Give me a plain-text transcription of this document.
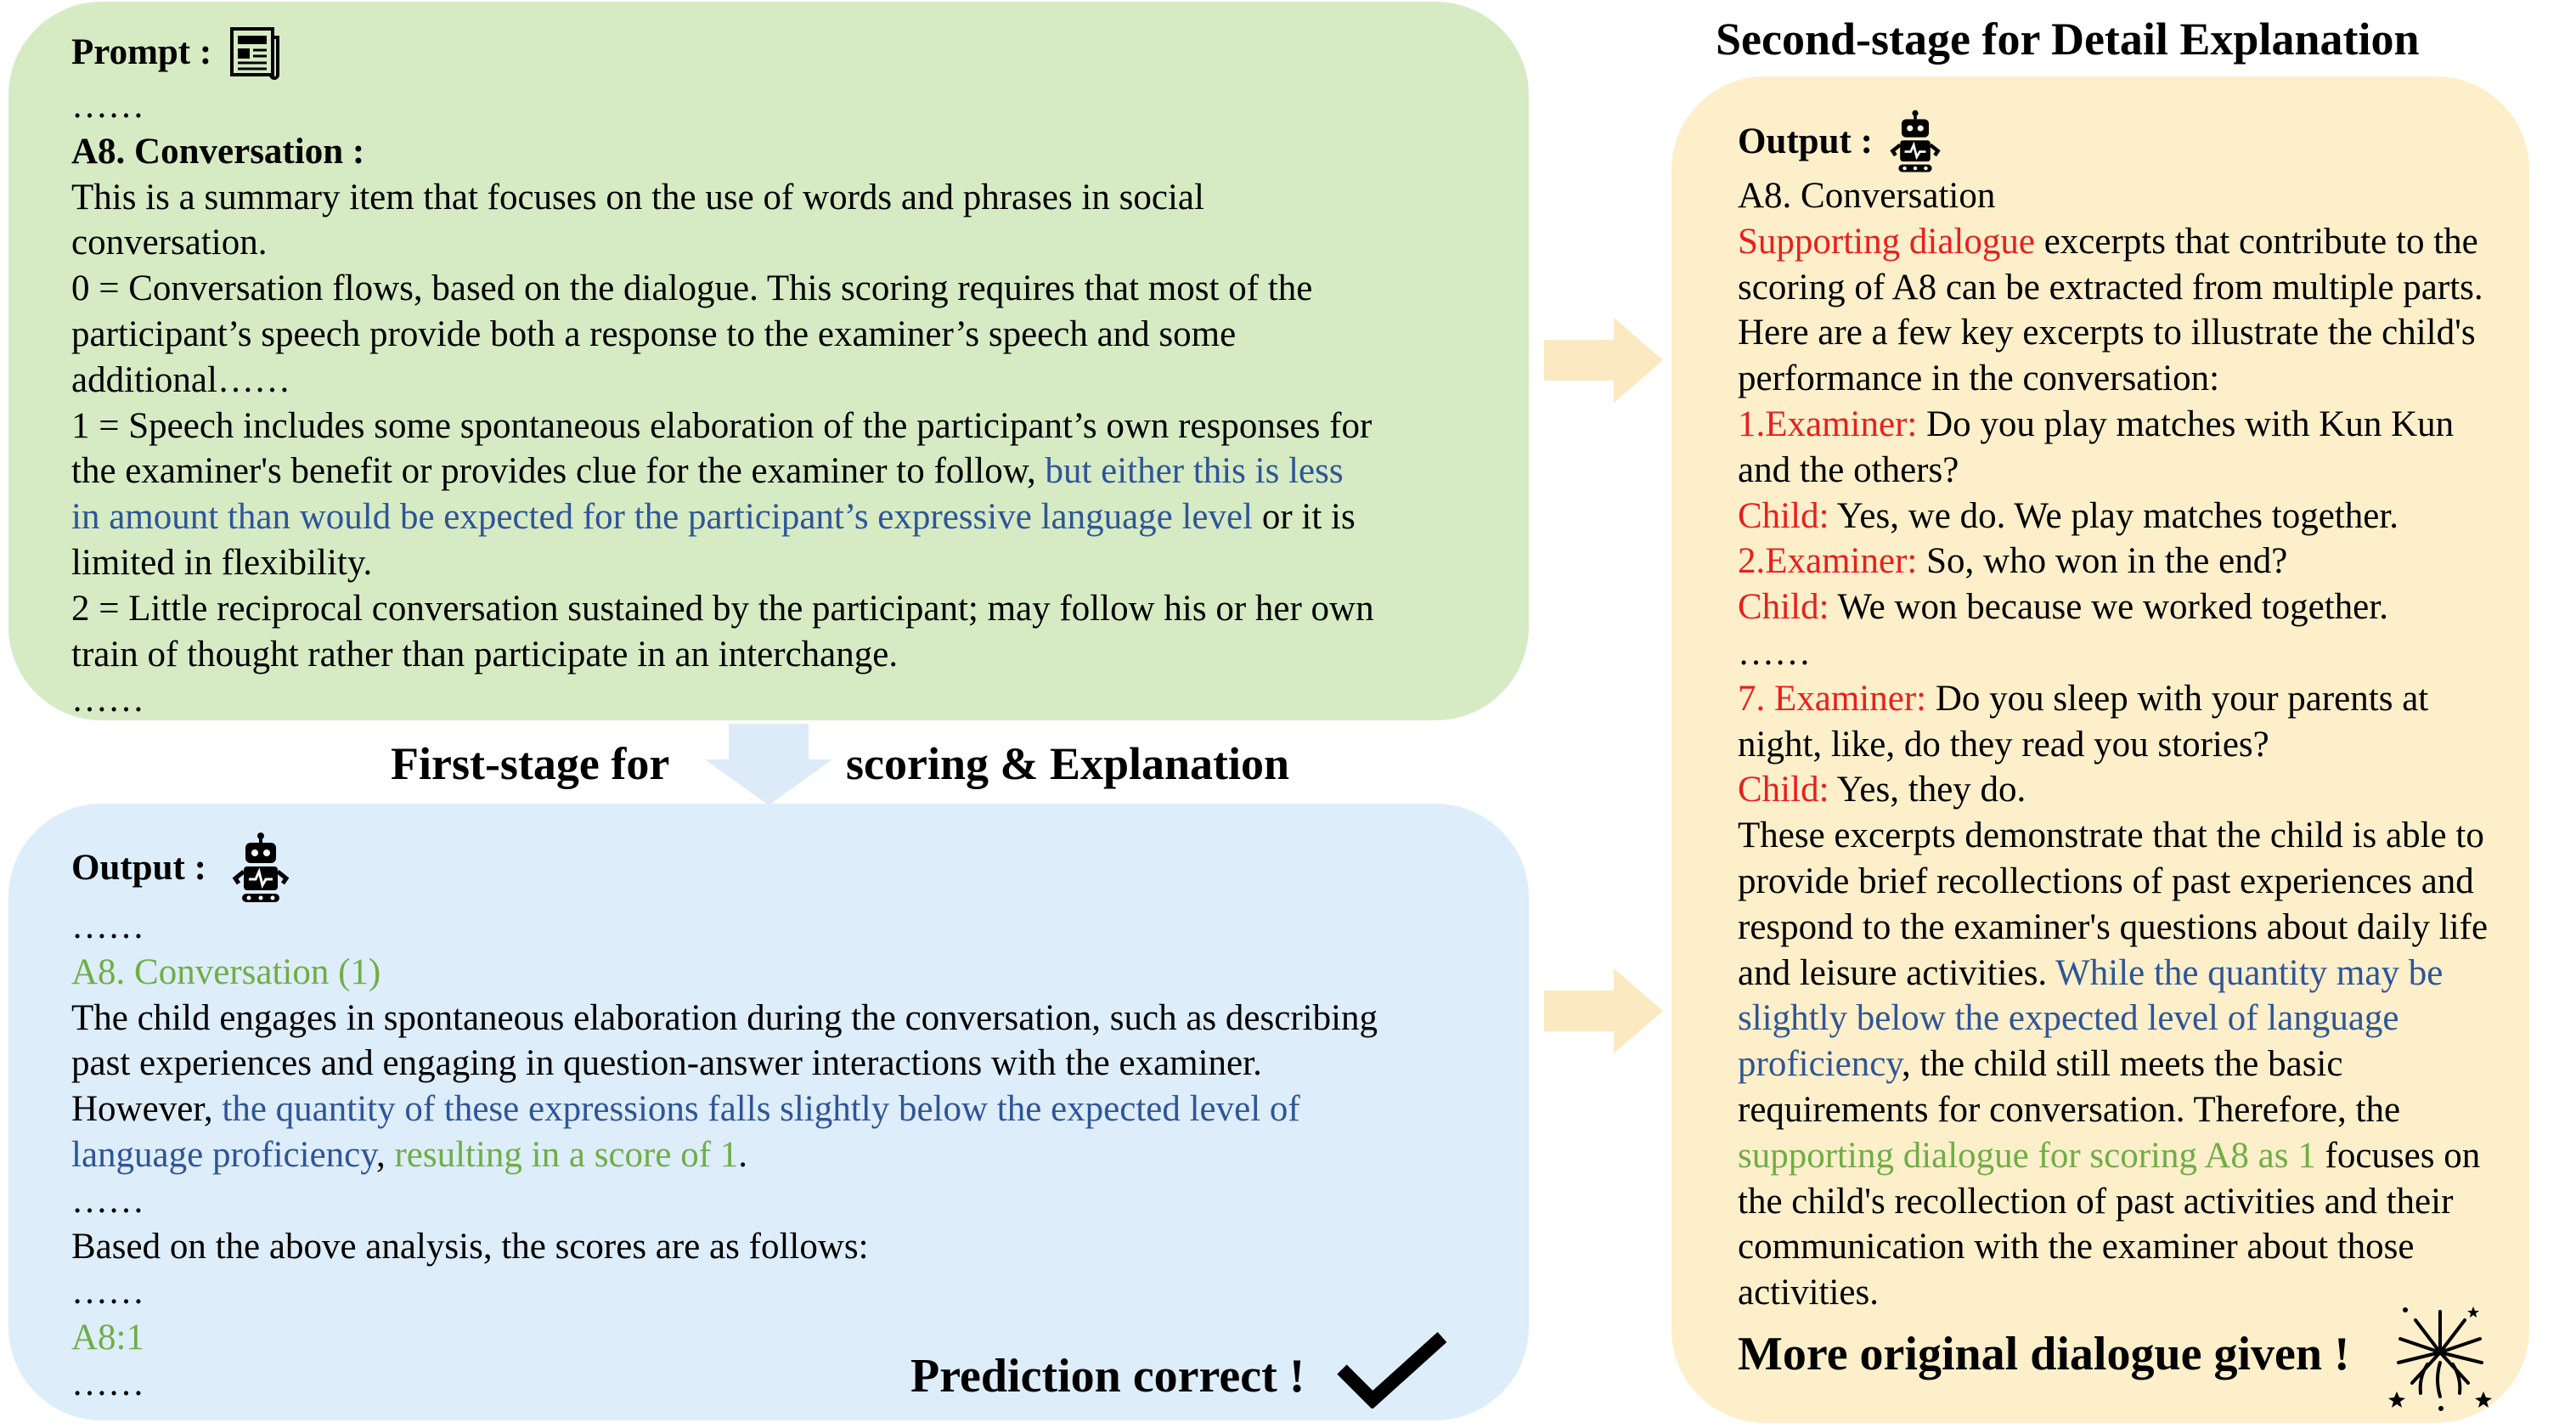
Second-stage for Detail Explanation
First-stage for	scoring & Explanation
Prompt :
……
A8. Conversation :
This is a summary item that focuses on the use of words and phrases in social
conversation.
0 = Conversation flows, based on the dialogue. This scoring requires that most of the
participant’s speech provide both a response to the examiner’s speech and some
additional……
1 = Speech includes some spontaneous elaboration of the participant’s own responses for
the examiner's benefit or provides clue for the examiner to follow, but either this is less
in amount than would be expected for the participant’s expressive language level or it is
limited in flexibility.
2 = Little reciprocal conversation sustained by the participant; may follow his or her own
train of thought rather than participate in an interchange.
……
Output :
……
A8. Conversation (1)
The child engages in spontaneous elaboration during the conversation, such as describing
past experiences and engaging in question-answer interactions with the examiner.
However, the quantity of these expressions falls slightly below the expected level of
language proficiency, resulting in a score of 1.
……
Based on the above analysis, the scores are as follows:
……
A8:1
……	Prediction correct !
Output :
A8. Conversation
Supporting dialogue excerpts that contribute to the
scoring of A8 can be extracted from multiple parts.
Here are a few key excerpts to illustrate the child's
performance in the conversation:
1.Examiner: Do you play matches with Kun Kun
and the others?
Child: Yes, we do. We play matches together.
2.Examiner: So, who won in the end?
Child: We won because we worked together.
……
7. Examiner: Do you sleep with your parents at
night, like, do they read you stories?
Child: Yes, they do.
These excerpts demonstrate that the child is able to
provide brief recollections of past experiences and
respond to the examiner's questions about daily life
and leisure activities. While the quantity may be
slightly below the expected level of language
proficiency, the child still meets the basic
requirements for conversation. Therefore, the
supporting dialogue for scoring A8 as 1 focuses on
the child's recollection of past activities and their
communication with the examiner about those
activities.
More original dialogue given !
